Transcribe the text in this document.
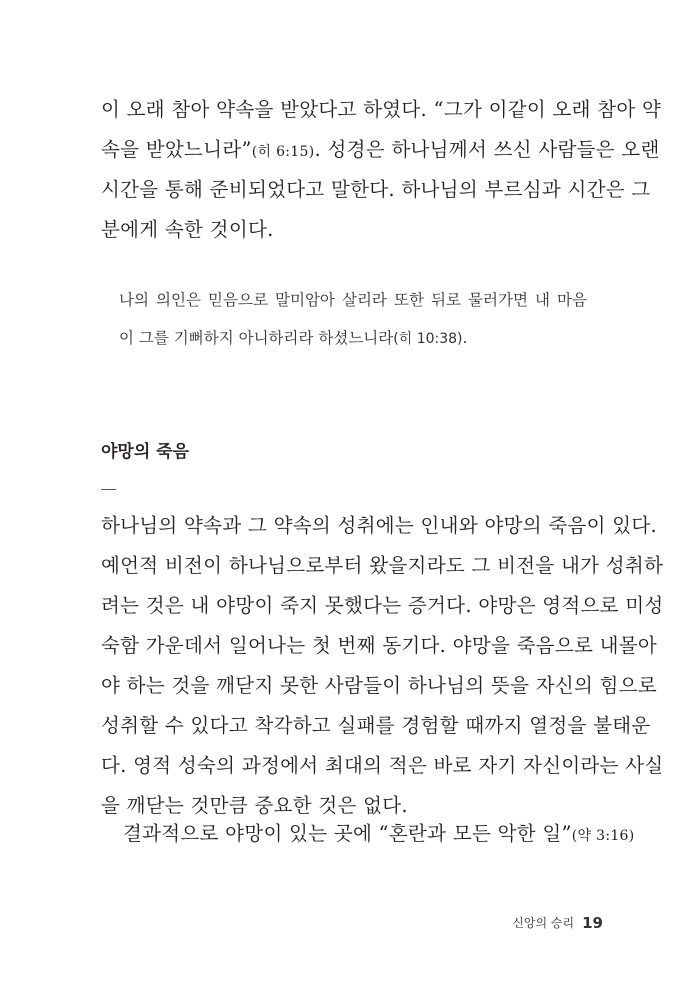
이 오래 참아 약속을 받았다고 하였다. “그가 이같이 오래 참아 약
속을 받았느니라”(히 6:15). 성경은 하나님께서 쓰신 사람들은 오랜
시간을 통해 준비되었다고 말한다. 하나님의 부르심과 시간은 그
분에게 속한 것이다.
나의 의인은 믿음으로 말미암아 살리라 또한 뒤로 물러가면 내 마음
이 그를 기뻐하지 아니하리라 하셨느니라(히 10:38).
야망의 죽음
하나님의 약속과 그 약속의 성취에는 인내와 야망의 죽음이 있다.
예언적 비전이 하나님으로부터 왔을지라도 그 비전을 내가 성취하
려는 것은 내 야망이 죽지 못했다는 증거다. 야망은 영적으로 미성
숙함 가운데서 일어나는 첫 번째 동기다. 야망을 죽음으로 내몰아
야 하는 것을 깨닫지 못한 사람들이 하나님의 뜻을 자신의 힘으로
성취할 수 있다고 착각하고 실패를 경험할 때까지 열정을 불태운
다. 영적 성숙의 과정에서 최대의 적은 바로 자기 자신이라는 사실
을 깨닫는 것만큼 중요한 것은 없다.
결과적으로 야망이 있는 곳에 “혼란과 모든 악한 일”(약 3:16)
신앙의 승리 19
